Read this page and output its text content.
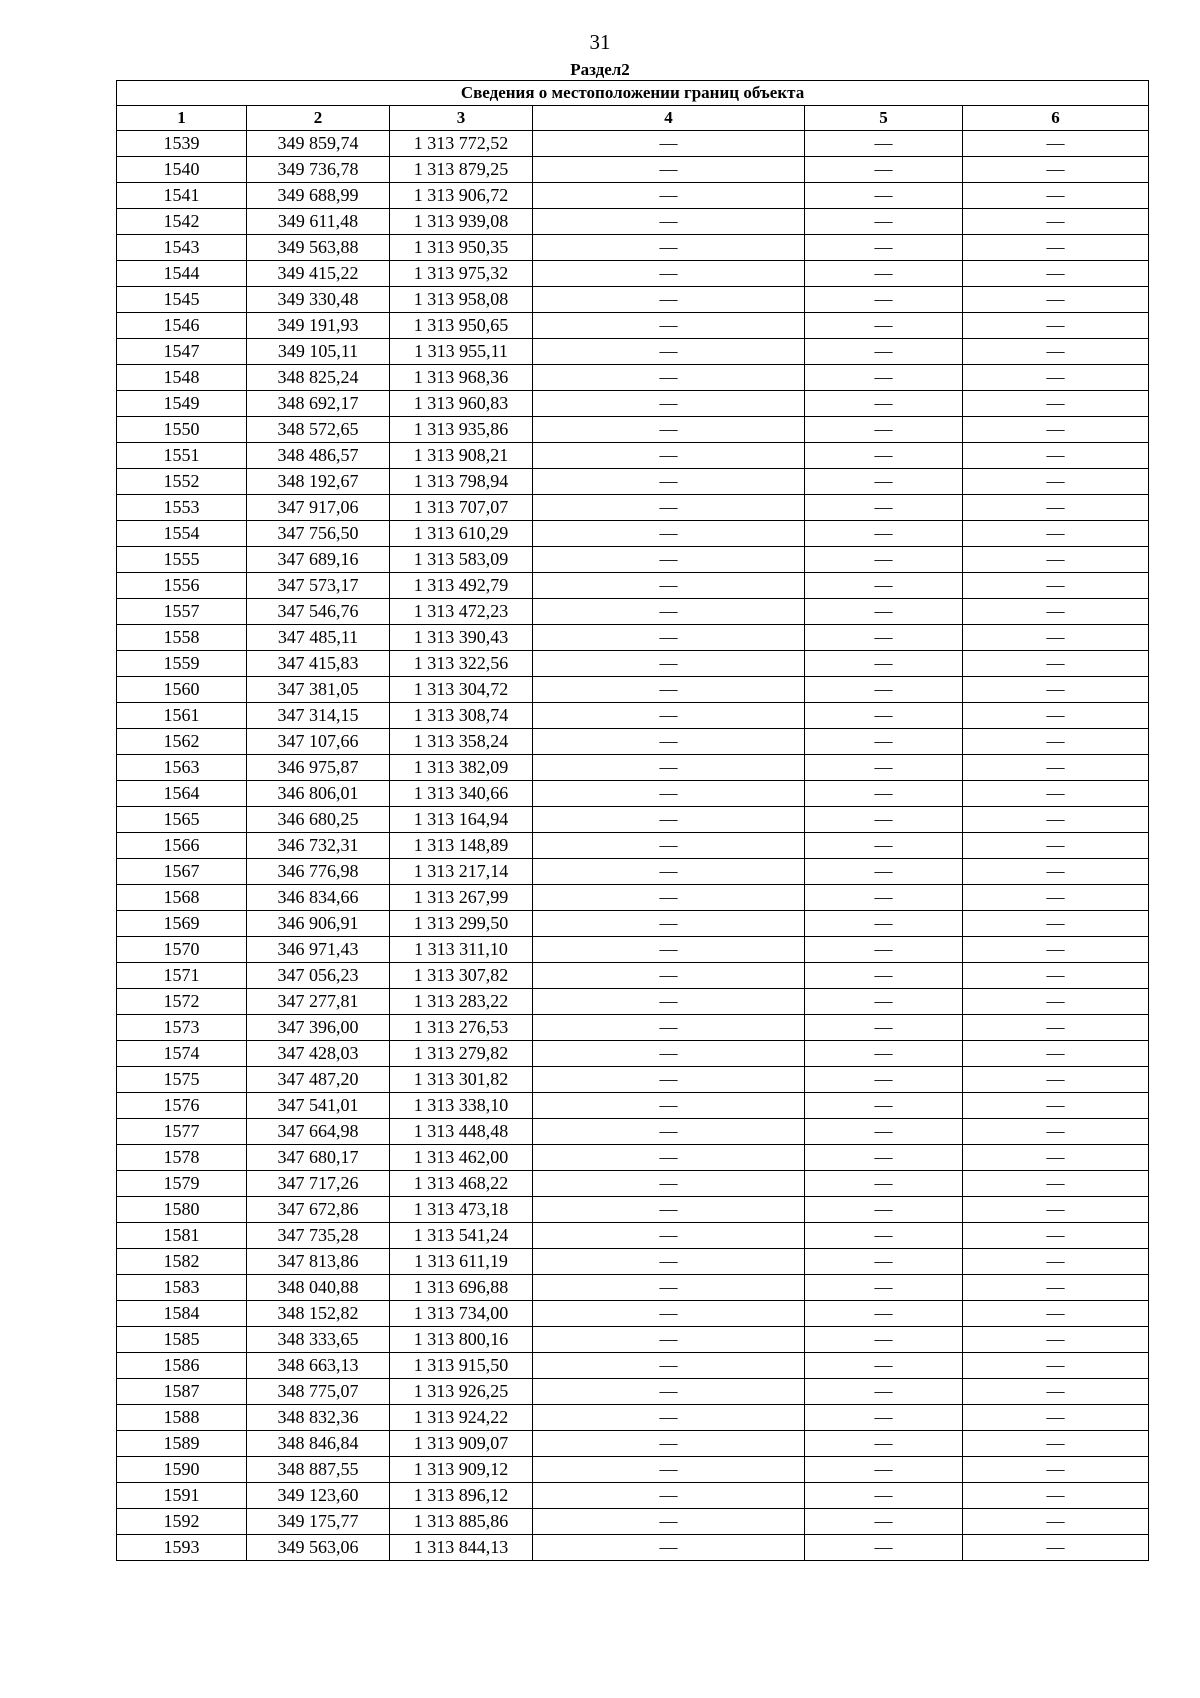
31
Раздел2
Сведения о местоположении границ объекта					
1	2	3	4	5	6
1539	349 859,74	1 313 772,52	—	—	—
1540	349 736,78	1 313 879,25	—	—	—
1541	349 688,99	1 313 906,72	—	—	—
1542	349 611,48	1 313 939,08	—	—	—
1543	349 563,88	1 313 950,35	—	—	—
1544	349 415,22	1 313 975,32	—	—	—
1545	349 330,48	1 313 958,08	—	—	—
1546	349 191,93	1 313 950,65	—	—	—
1547	349 105,11	1 313 955,11	—	—	—
1548	348 825,24	1 313 968,36	—	—	—
1549	348 692,17	1 313 960,83	—	—	—
1550	348 572,65	1 313 935,86	—	—	—
1551	348 486,57	1 313 908,21	—	—	—
1552	348 192,67	1 313 798,94	—	—	—
1553	347 917,06	1 313 707,07	—	—	—
1554	347 756,50	1 313 610,29	—	—	—
1555	347 689,16	1 313 583,09	—	—	—
1556	347 573,17	1 313 492,79	—	—	—
1557	347 546,76	1 313 472,23	—	—	—
1558	347 485,11	1 313 390,43	—	—	—
1559	347 415,83	1 313 322,56	—	—	—
1560	347 381,05	1 313 304,72	—	—	—
1561	347 314,15	1 313 308,74	—	—	—
1562	347 107,66	1 313 358,24	—	—	—
1563	346 975,87	1 313 382,09	—	—	—
1564	346 806,01	1 313 340,66	—	—	—
1565	346 680,25	1 313 164,94	—	—	—
1566	346 732,31	1 313 148,89	—	—	—
1567	346 776,98	1 313 217,14	—	—	—
1568	346 834,66	1 313 267,99	—	—	—
1569	346 906,91	1 313 299,50	—	—	—
1570	346 971,43	1 313 311,10	—	—	—
1571	347 056,23	1 313 307,82	—	—	—
1572	347 277,81	1 313 283,22	—	—	—
1573	347 396,00	1 313 276,53	—	—	—
1574	347 428,03	1 313 279,82	—	—	—
1575	347 487,20	1 313 301,82	—	—	—
1576	347 541,01	1 313 338,10	—	—	—
1577	347 664,98	1 313 448,48	—	—	—
1578	347 680,17	1 313 462,00	—	—	—
1579	347 717,26	1 313 468,22	—	—	—
1580	347 672,86	1 313 473,18	—	—	—
1581	347 735,28	1 313 541,24	—	—	—
1582	347 813,86	1 313 611,19	—	—	—
1583	348 040,88	1 313 696,88	—	—	—
1584	348 152,82	1 313 734,00	—	—	—
1585	348 333,65	1 313 800,16	—	—	—
1586	348 663,13	1 313 915,50	—	—	—
1587	348 775,07	1 313 926,25	—	—	—
1588	348 832,36	1 313 924,22	—	—	—
1589	348 846,84	1 313 909,07	—	—	—
1590	348 887,55	1 313 909,12	—	—	—
1591	349 123,60	1 313 896,12	—	—	—
1592	349 175,77	1 313 885,86	—	—	—
1593	349 563,06	1 313 844,13	—	—	—
